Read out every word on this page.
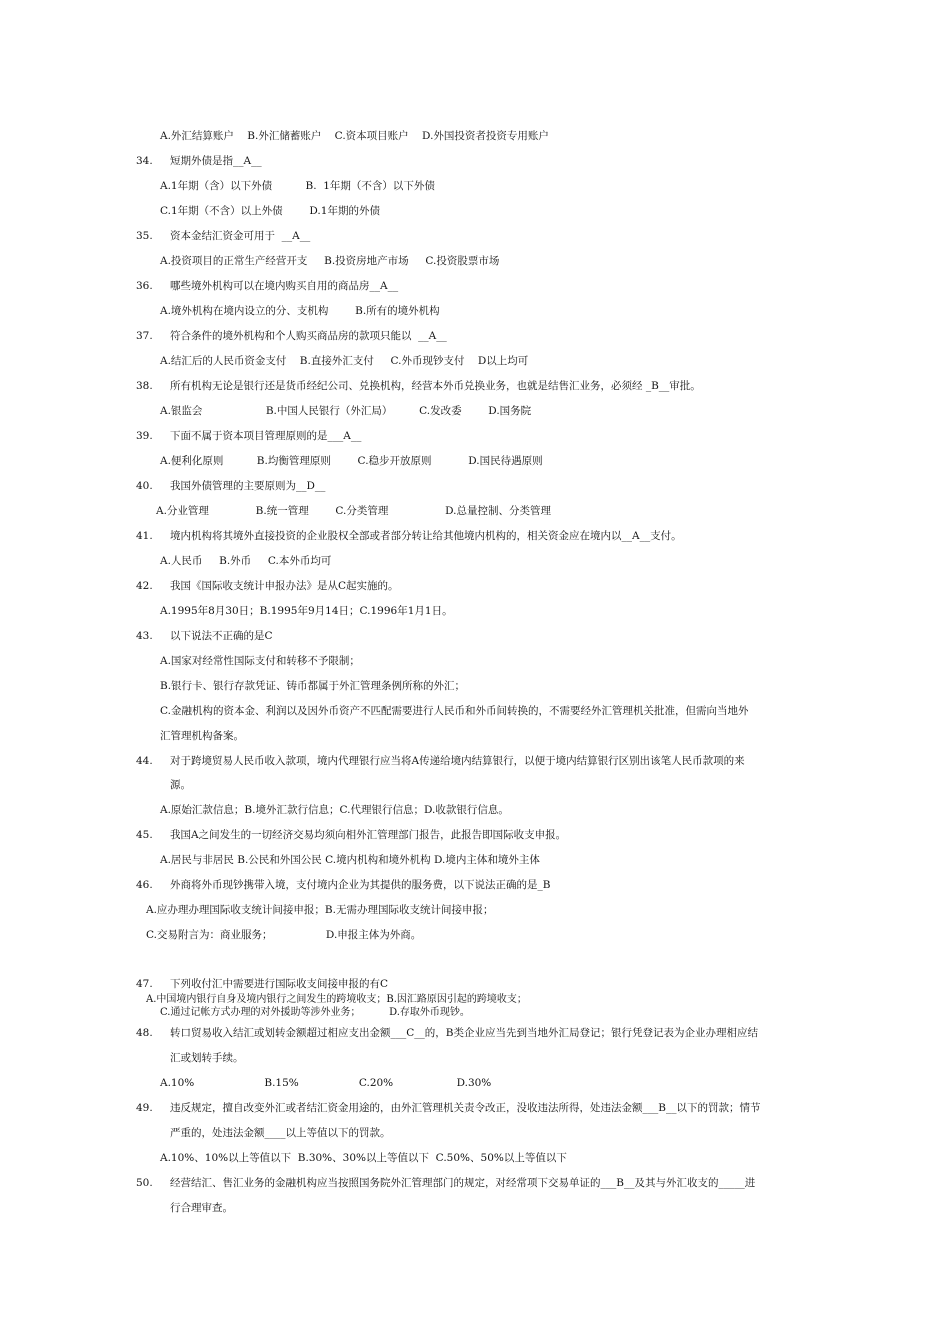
A.外汇结算账户    B.外汇储蓄账户    C.资本项目账户    D.外国投资者投资专用账户
34. 短期外债是指__A__
A.1年期（含）以下外债          B.  1年期（不含）以下外债
C.1年期（不含）以上外债        D.1年期的外债
35. 资本金结汇资金可用于  __A__
A.投资项目的正常生产经营开支     B.投资房地产市场     C.投资股票市场
36. 哪些境外机构可以在境内购买自用的商品房__A__
A.境外机构在境内设立的分、支机构        B.所有的境外机构
37. 符合条件的境外机构和个人购买商品房的款项只能以  __A__
A.结汇后的人民币资金支付    B.直接外汇支付     C.外币现钞支付    D以上均可
38. 所有机构无论是银行还是货币经纪公司、兑换机构，经营本外币兑换业务，也就是结售汇业务，必须经 _B__审批。
A.银监会                   B.中国人民银行（外汇局）        C.发改委        D.国务院
39. 下面不属于资本项目管理原则的是___A__
A.便利化原则          B.均衡管理原则        C.稳步开放原则           D.国民待遇原则
40. 我国外债管理的主要原则为__D__
A.分业管理              B.统一管理        C.分类管理                 D.总量控制、分类管理
41. 境内机构将其境外直接投资的企业股权全部或者部分转让给其他境内机构的，相关资金应在境内以__A__支付。
A.人民币     B.外币     C.本外币均可
42. 我国《国际收支统计申报办法》是从C起实施的。
A.1995年8月30日；B.1995年9月14日；C.1996年1月1日。
43. 以下说法不正确的是C
A.国家对经常性国际支付和转移不予限制；
B.银行卡、银行存款凭证、铸币都属于外汇管理条例所称的外汇；
C.金融机构的资本金、利润以及因外币资产不匹配需要进行人民币和外币间转换的，不需要经外汇管理机关批准，但需向当地外
汇管理机构备案。
44. 对于跨境贸易人民币收入款项，境内代理银行应当将A传递给境内结算银行，以便于境内结算银行区别出该笔人民币款项的来
源。
A.原始汇款信息；B.境外汇款行信息；C.代理银行信息；D.收款银行信息。
45. 我国A之间发生的一切经济交易均须向相外汇管理部门报告，此报告即国际收支申报。
A.居民与非居民 B.公民和外国公民 C.境内机构和境外机构 D.境内主体和境外主体
46. 外商将外币现钞携带入境，支付境内企业为其提供的服务费，以下说法正确的是_B
A.应办理办理国际收支统计间接申报；B.无需办理国际收支统计间接申报；
C.交易附言为：商业服务；                D.申报主体为外商。
47. 下列收付汇中需要进行国际收支间接申报的有C
A.中国境内银行自身及境内银行之间发生的跨境收支；B.因汇路原因引起的跨境收支；
C.通过记帐方式办理的对外援助等涉外业务；         D.存取外币现钞。
48. 转口贸易收入结汇或划转金额超过相应支出金额___C__的，B类企业应当先到当地外汇局登记；银行凭登记表为企业办理相应结
汇或划转手续。
A.10%                     B.15%                  C.20%                   D.30%
49. 违反规定，擅自改变外汇或者结汇资金用途的，由外汇管理机关责令改正，没收违法所得，处违法金额___B__以下的罚款；情节
严重的，处违法金额____以上等值以下的罚款。
A.10%、10%以上等值以下  B.30%、30%以上等值以下  C.50%、50%以上等值以下
50. 经营结汇、售汇业务的金融机构应当按照国务院外汇管理部门的规定，对经常项下交易单证的___B__及其与外汇收支的_____进
行合理审查。
